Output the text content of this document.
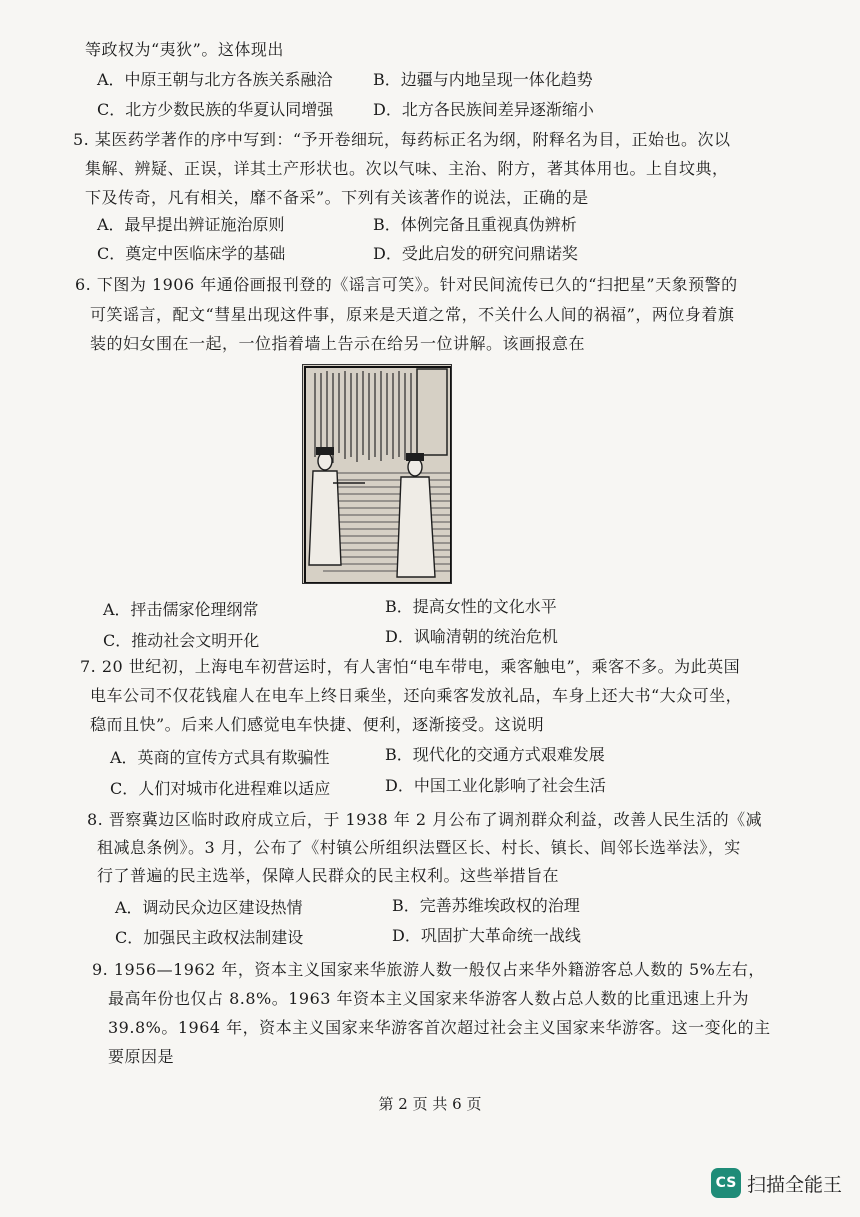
等政权为“夷狄”。这体现出
A．中原王朝与北方各族关系融洽	B．边疆与内地呈现一体化趋势
C．北方少数民族的华夏认同增强 D．北方各民族间差异逐渐缩小
5. 某医药学著作的序中写到：“予开卷细玩，每药标正名为纲，附释名为目，正始也。次以
集解、辨疑、正误，详其土产形状也。次以气味、主治、附方，著其体用也。上自坟典，
下及传奇，凡有相关，靡不备采”。下列有关该著作的说法，正确的是
A．最早提出辨证施治原则	B．体例完备且重视真伪辨析
C．奠定中医临床学的基础	D．受此启发的研究问鼎诺奖
6. 下图为 1906 年通俗画报刊登的《谣言可笑》。针对民间流传已久的“扫把星”天象预警的
可笑谣言，配文“彗星出现这件事，原来是天道之常，不关什么人间的祸福”，两位身着旗
装的妇女围在一起，一位指着墙上告示在给另一位讲解。该画报意在
A．抨击儒家伦理纲常	B．提高女性的文化水平
C．推动社会文明开化	D．讽喻清朝的统治危机
7. 20 世纪初，上海电车初营运时，有人害怕“电车带电，乘客触电”，乘客不多。为此英国
电车公司不仅花钱雇人在电车上终日乘坐，还向乘客发放礼品，车身上还大书“大众可坐，
稳而且快”。后来人们感觉电车快捷、便利，逐渐接受。这说明
A．英商的宣传方式具有欺骗性	B．现代化的交通方式艰难发展
C．人们对城市化进程难以适应	D．中国工业化影响了社会生活
8. 晋察冀边区临时政府成立后，于 1938 年 2 月公布了调剂群众利益，改善人民生活的《减
租减息条例》。3 月，公布了《村镇公所组织法暨区长、村长、镇长、闾邻长选举法》，实
行了普遍的民主选举，保障人民群众的民主权利。这些举措旨在
A．调动民众边区建设热情	B．完善苏维埃政权的治理
C．加强民主政权法制建设	D．巩固扩大革命统一战线
9. 1956—1962 年，资本主义国家来华旅游人数一般仅占来华外籍游客总人数的 5%左右，
最高年份也仅占 8.8%。1963 年资本主义国家来华游客人数占总人数的比重迅速上升为
39.8%。1964 年，资本主义国家来华游客首次超过社会主义国家来华游客。这一变化的主
要原因是
第 2 页 共 6 页
CS 扫描全能王
